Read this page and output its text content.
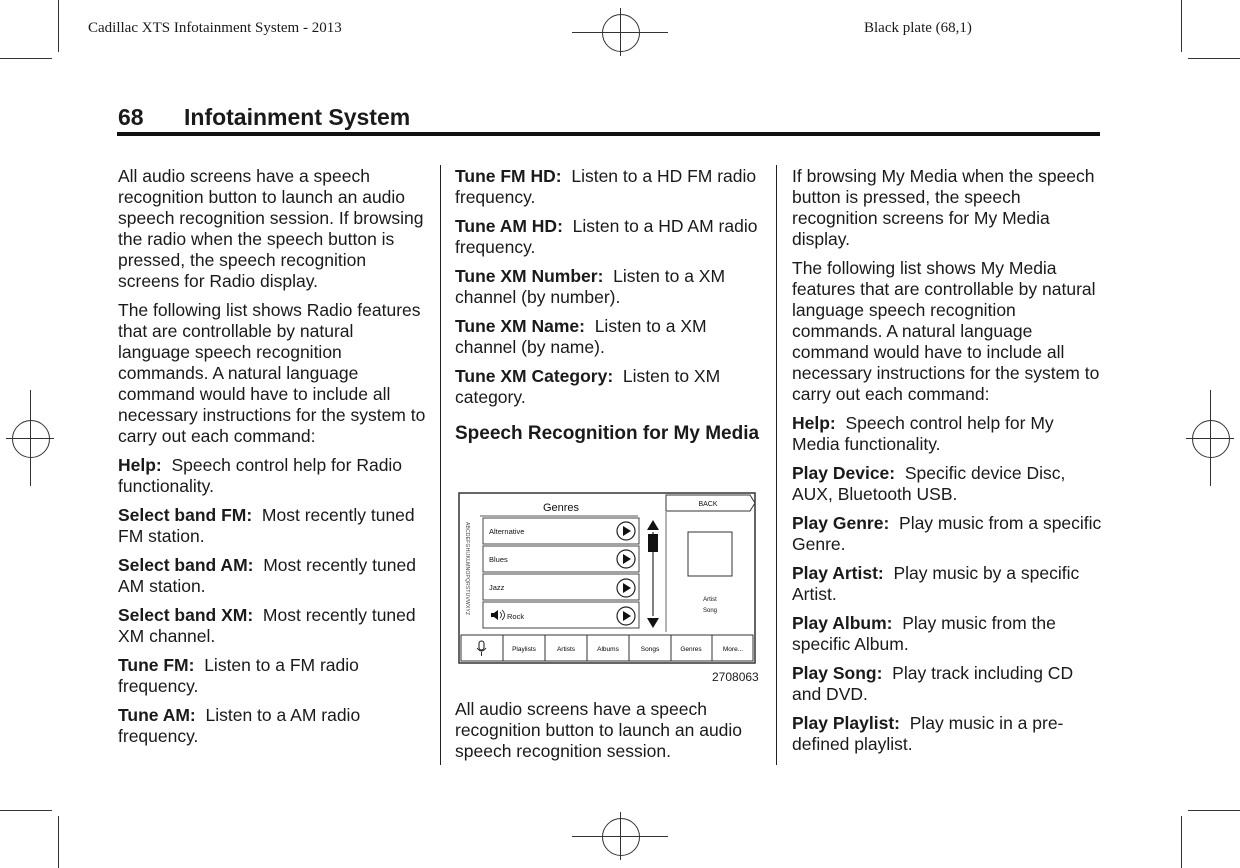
Cadillac XTS Infotainment System - 2013	Black plate (68,1)
68 Infotainment System

All audio screens have a speech recognition button to launch an audio speech recognition session. If browsing the radio when the speech button is pressed, the speech recognition screens for Radio display.

The following list shows Radio features that are controllable by natural language speech recognition commands. A natural language command would have to include all necessary instructions for the system to carry out each command:

Help: Speech control help for Radio functionality.

Select band FM: Most recently tuned FM station.

Select band AM: Most recently tuned AM station.

Select band XM: Most recently tuned XM channel.

Tune FM: Listen to a FM radio frequency.

Tune AM: Listen to a AM radio frequency.

Tune FM HD: Listen to a HD FM radio frequency.

Tune AM HD: Listen to a HD AM radio frequency.

Tune XM Number: Listen to a XM channel (by number).

Tune XM Name: Listen to a XM channel (by name).

Tune XM Category: Listen to XM category.

Speech Recognition for My Media

All audio screens have a speech recognition button to launch an audio speech recognition session.

Genres	BACK
ABCDEFGHIJKLMNOPQRSTUVWXYZ	Alternative
Blues
Jazz
Rock
Artist
Song
Playlists	Artists	Albums	Songs	Genres	More...
2708063

If browsing My Media when the speech button is pressed, the speech recognition screens for My Media display.

The following list shows My Media features that are controllable by natural language speech recognition commands. A natural language command would have to include all necessary instructions for the system to carry out each command:

Help: Speech control help for My Media functionality.

Play Device: Specific device Disc, AUX, Bluetooth USB.

Play Genre: Play music from a specific Genre.

Play Artist: Play music by a specific Artist.

Play Album: Play music from the specific Album.

Play Song: Play track including CD and DVD.

Play Playlist: Play music in a pre-defined playlist.
